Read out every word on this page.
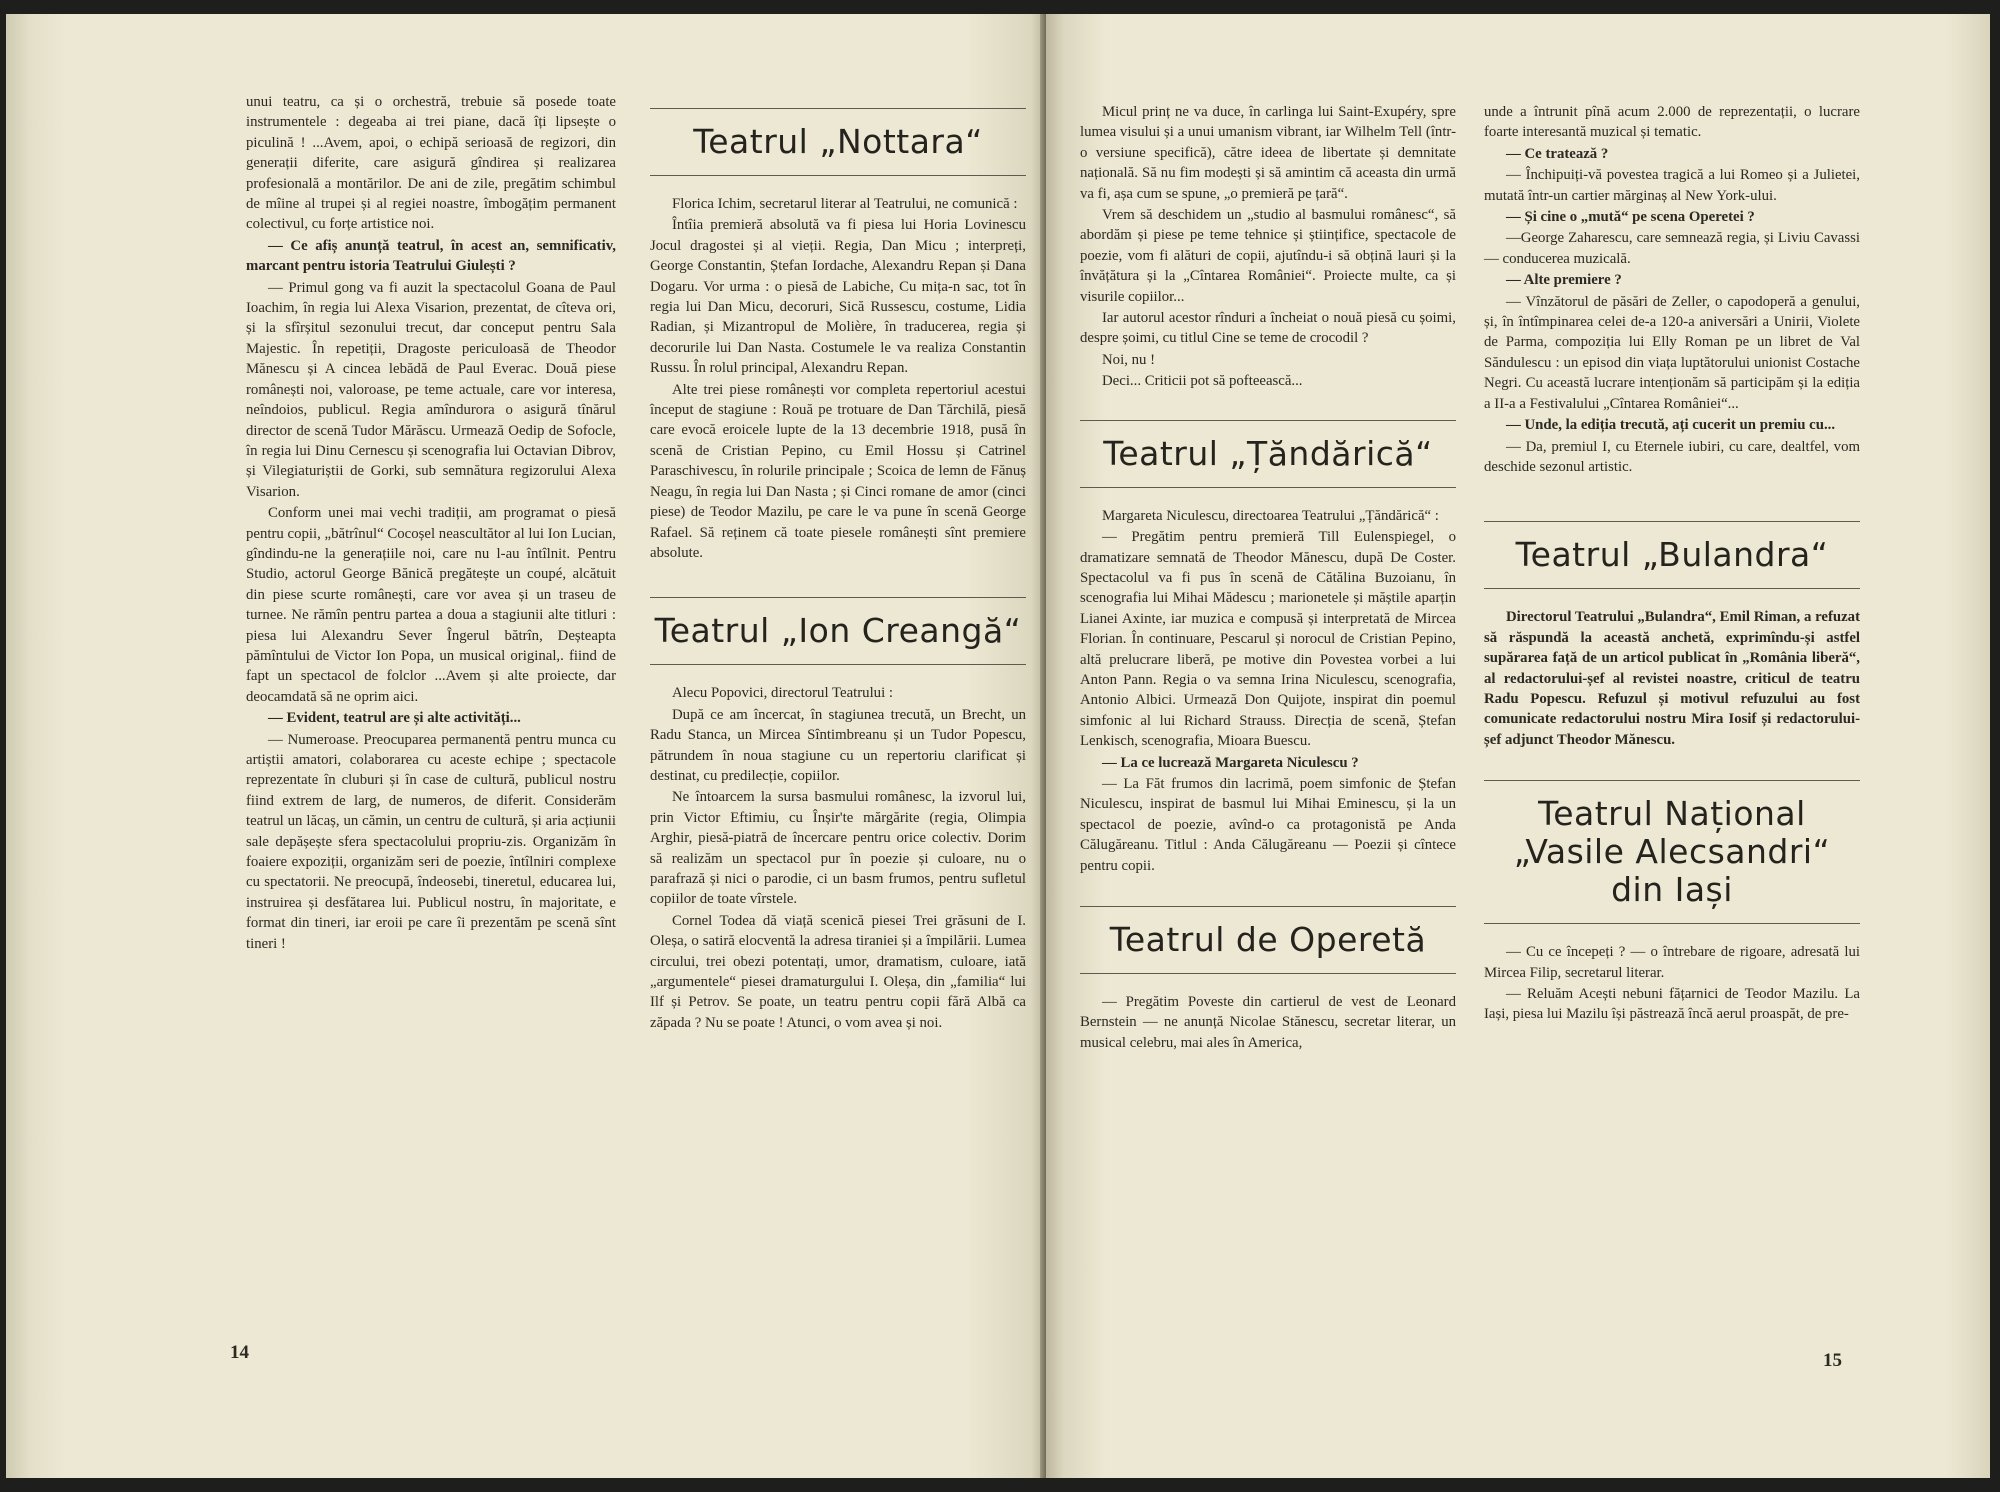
unui teatru, ca și o orchestră, trebuie să posede toate instrumentele : degeaba ai trei piane, dacă îți lipsește o piculină ! ...Avem, apoi, o echipă serioasă de regizori, din generații diferite, care asigură gîndirea și realizarea profesională a montărilor. De ani de zile, pregătim schimbul de mîine al trupei și al regiei noastre, îmbogățim permanent colectivul, cu forțe artistice noi.

— Ce afiș anunță teatrul, în acest an, semnificativ, marcant pentru istoria Teatrului Giulești ?

— Primul gong va fi auzit la spectacolul Goana de Paul Ioachim, în regia lui Alexa Visarion, prezentat, de cîteva ori, și la sfîrșitul sezonului trecut, dar conceput pentru Sala Majestic. În repetiții, Dragoste periculoasă de Theodor Mănescu și A cincea lebădă de Paul Everac. Două piese românești noi, valoroase, pe teme actuale, care vor interesa, neîndoios, publicul. Regia amîndurora o asigură tînărul director de scenă Tudor Mărăscu. Urmează Oedip de Sofocle, în regia lui Dinu Cernescu și scenografia lui Octavian Dibrov, și Vilegiaturiștii de Gorki, sub semnătura regizorului Alexa Visarion.

Conform unei mai vechi tradiții, am programat o piesă pentru copii, „bătrînul“ Cocoșel neascultător al lui Ion Lucian, gîndindu-ne la generațiile noi, care nu l-au întîlnit. Pentru Studio, actorul George Bănică pregătește un coupé, alcătuit din piese scurte românești, care vor avea și un traseu de turnee. Ne rămîn pentru partea a doua a stagiunii alte titluri : piesa lui Alexandru Sever Îngerul bătrîn, Deșteapta pămîntului de Victor Ion Popa, un musical original,. fiind de fapt un spectacol de folclor ...Avem și alte proiecte, dar deocamdată să ne oprim aici.

— Evident, teatrul are și alte activități...

— Numeroase. Preocuparea permanentă pentru munca cu artiștii amatori, colaborarea cu aceste echipe ; spectacole reprezentate în cluburi și în case de cultură, publicul nostru fiind extrem de larg, de numeros, de diferit. Considerăm teatrul un lăcaș, un cămin, un centru de cultură, și aria acțiunii sale depășește sfera spectacolului propriu-zis. Organizăm în foaiere expoziții, organizăm seri de poezie, întîlniri complexe cu spectatorii. Ne preocupă, îndeosebi, tineretul, educarea lui, instruirea și desfătarea lui. Publicul nostru, în majoritate, e format din tineri, iar eroii pe care îi prezentăm pe scenă sînt tineri !

Teatrul „Nottara“

Florica Ichim, secretarul literar al Teatrului, ne comunică :

Întîia premieră absolută va fi piesa lui Horia Lovinescu Jocul dragostei și al vieții. Regia, Dan Micu ; interpreți, George Constantin, Ștefan Iordache, Alexandru Repan și Dana Dogaru. Vor urma : o piesă de Labiche, Cu mița-n sac, tot în regia lui Dan Micu, decoruri, Sică Russescu, costume, Lidia Radian, și Mizantropul de Molière, în traducerea, regia și decorurile lui Dan Nasta. Costumele le va realiza Constantin Russu. În rolul principal, Alexandru Repan.

Alte trei piese românești vor completa repertoriul acestui început de stagiune : Rouă pe trotuare de Dan Tărchilă, piesă care evocă eroicele lupte de la 13 decembrie 1918, pusă în scenă de Cristian Pepino, cu Emil Hossu și Catrinel Paraschivescu, în rolurile principale ; Scoica de lemn de Fănuș Neagu, în regia lui Dan Nasta ; și Cinci romane de amor (cinci piese) de Teodor Mazilu, pe care le va pune în scenă George Rafael. Să reținem că toate piesele românești sînt premiere absolute.

Teatrul „Ion Creangă“

Alecu Popovici, directorul Teatrului :

După ce am încercat, în stagiunea trecută, un Brecht, un Radu Stanca, un Mircea Sîntimbreanu și un Tudor Popescu, pătrundem în noua stagiune cu un repertoriu clarificat și destinat, cu predilecție, copiilor.

Ne întoarcem la sursa basmului românesc, la izvorul lui, prin Victor Eftimiu, cu Înșir'te mărgărite (regia, Olimpia Arghir, piesă-piatră de încercare pentru orice colectiv. Dorim să realizăm un spectacol pur în poezie și culoare, nu o parafrază și nici o parodie, ci un basm frumos, pentru sufletul copiilor de toate vîrstele.

Cornel Todea dă viață scenică piesei Trei grăsuni de I. Oleșa, o satiră elocventă la adresa tiraniei și a împilării. Lumea circului, trei obezi potentați, umor, dramatism, culoare, iată „argumentele“ piesei dramaturgului I. Oleșa, din „familia“ lui Ilf și Petrov. Se poate, un teatru pentru copii fără Albă ca zăpada ? Nu se poate ! Atunci, o vom avea și noi.

Micul prinț ne va duce, în carlinga lui Saint-Exupéry, spre lumea visului și a unui umanism vibrant, iar Wilhelm Tell (într-o versiune specifică), către ideea de libertate și demnitate națională. Să nu fim modești și să amintim că aceasta din urmă va fi, așa cum se spune, „o premieră pe țară“.

Vrem să deschidem un „studio al basmului românesc“, să abordăm și piese pe teme tehnice și științifice, spectacole de poezie, vom fi alături de copii, ajutîndu-i să obțină lauri și la învățătura și la „Cîntarea României“. Proiecte multe, ca și visurile copiilor...

Iar autorul acestor rînduri a încheiat o nouă piesă cu șoimi, despre șoimi, cu titlul Cine se teme de crocodil ?

Noi, nu !

Deci... Criticii pot să pofteească...

Teatrul „Țăndărică“

Margareta Niculescu, directoarea Teatrului „Țăndărică“ :

— Pregătim pentru premieră Till Eulenspiegel, o dramatizare semnată de Theodor Mănescu, după De Coster. Spectacolul va fi pus în scenă de Cătălina Buzoianu, în scenografia lui Mihai Mădescu ; marionetele și măștile aparțin Lianei Axinte, iar muzica e compusă și interpretată de Mircea Florian. În continuare, Pescarul și norocul de Cristian Pepino, altă prelucrare liberă, pe motive din Povestea vorbei a lui Anton Pann. Regia o va semna Irina Niculescu, scenografia, Antonio Albici. Urmează Don Quijote, inspirat din poemul simfonic al lui Richard Strauss. Direcția de scenă, Ștefan Lenkisch, scenografia, Mioara Buescu.

— La ce lucrează Margareta Niculescu ?

— La Făt frumos din lacrimă, poem simfonic de Ștefan Niculescu, inspirat de basmul lui Mihai Eminescu, și la un spectacol de poezie, avînd-o ca protagonistă pe Anda Călugăreanu. Titlul : Anda Călugăreanu — Poezii și cîntece pentru copii.

Teatrul de Operetă

— Pregătim Poveste din cartierul de vest de Leonard Bernstein — ne anunță Nicolae Stănescu, secretar literar, un musical celebru, mai ales în America,

unde a întrunit pînă acum 2.000 de reprezentații, o lucrare foarte interesantă muzical și tematic.

— Ce tratează ?

— Închipuiți-vă povestea tragică a lui Romeo și a Julietei, mutată într-un cartier mărginaș al New York-ului.

— Și cine o „mută“ pe scena Operetei ?

—George Zaharescu, care semnează regia, și Liviu Cavassi — conducerea muzicală.

— Alte premiere ?

— Vînzătorul de păsări de Zeller, o capodoperă a genului, și, în întîmpinarea celei de-a 120-a aniversări a Unirii, Violete de Parma, compoziția lui Elly Roman pe un libret de Val Săndulescu : un episod din viața luptătorului unionist Costache Negri. Cu această lucrare intenționăm să participăm și la ediția a II-a a Festivalului „Cîntarea României“...

— Unde, la ediția trecută, ați cucerit un premiu cu...

— Da, premiul I, cu Eternele iubiri, cu care, dealtfel, vom deschide sezonul artistic.

Teatrul „Bulandra“

Directorul Teatrului „Bulandra“, Emil Riman, a refuzat să răspundă la această anchetă, exprimîndu-și astfel supărarea față de un articol publicat în „România liberă“, al redactorului-șef al revistei noastre, criticul de teatru Radu Popescu. Refuzul și motivul refuzului au fost comunicate redactorului nostru Mira Iosif și redactorului-șef adjunct Theodor Mănescu.

Teatrul Național
„Vasile Alecsandri“
din Iași

— Cu ce începeți ? — o întrebare de rigoare, adresată lui Mircea Filip, secretarul literar.

— Reluăm Acești nebuni fățarnici de Teodor Mazilu. La Iași, piesa lui Mazilu își păstrează încă aerul proaspăt, de pre-

14	15
